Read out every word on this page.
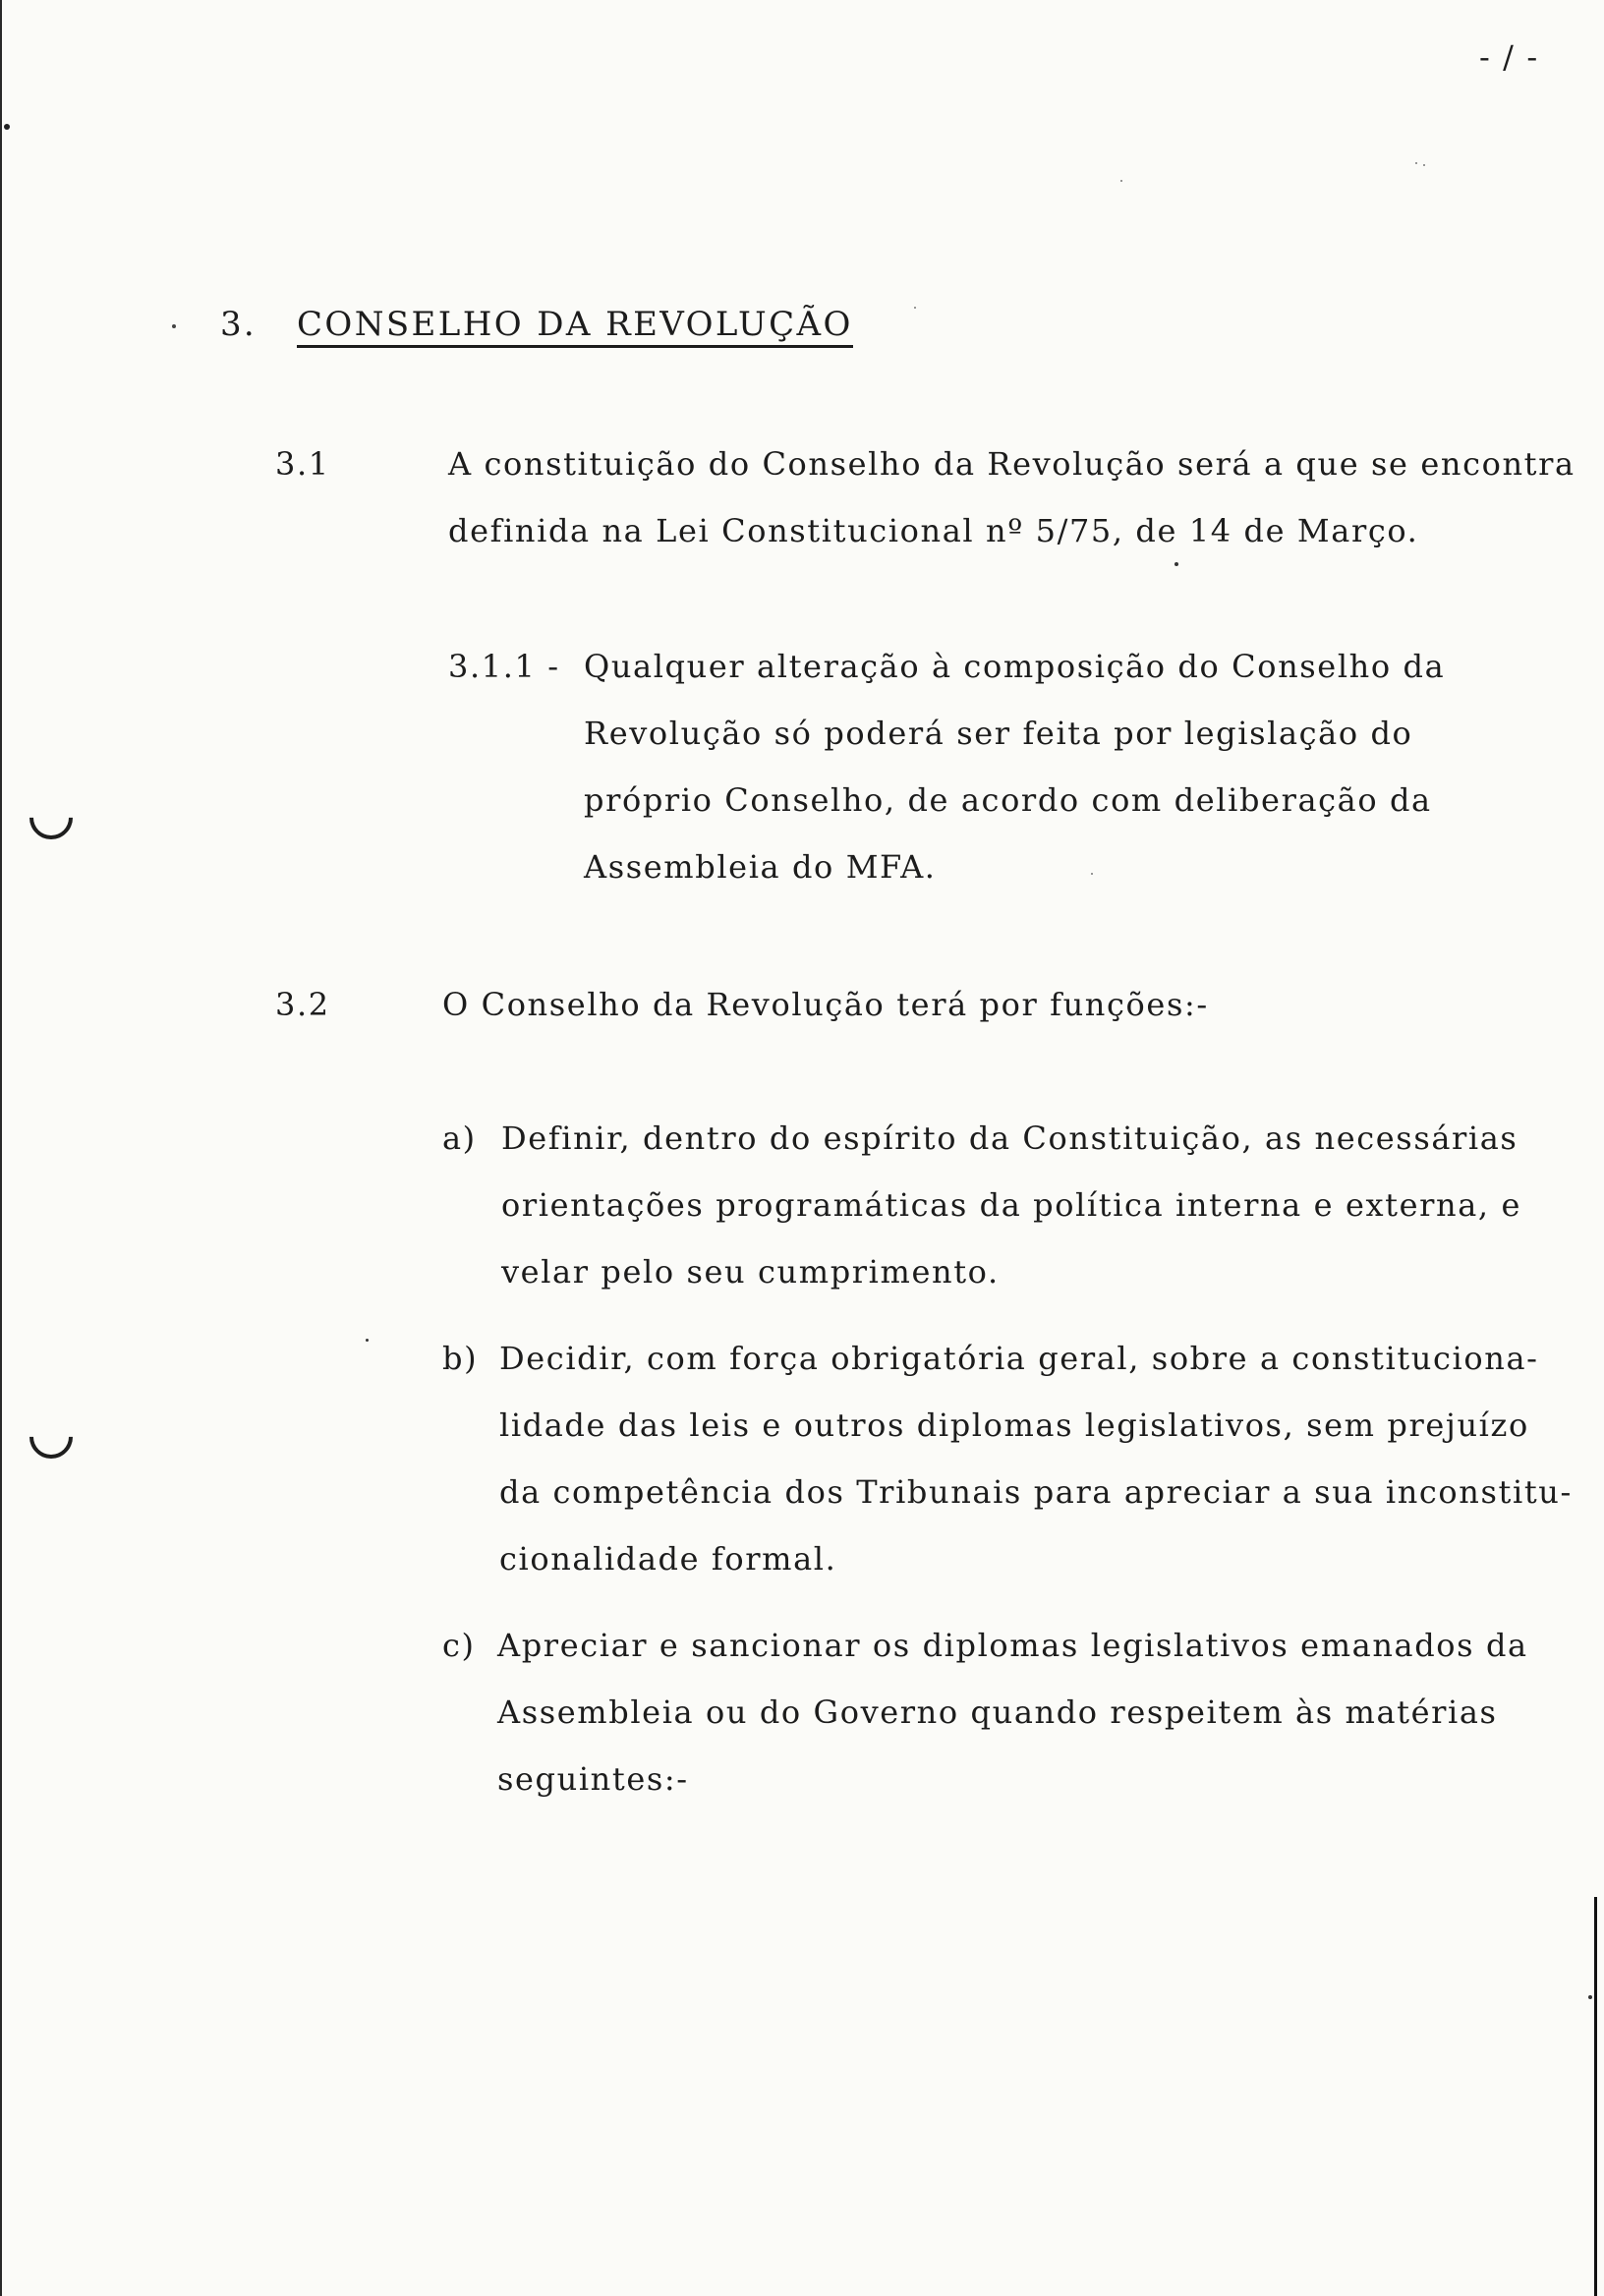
- / -
3. CONSELHO DA REVOLUÇÃO
3.1	A constituição do Conselho da Revolução será a que se encontra
definida na Lei Constitucional nº 5/75, de 14 de Março.
3.1.1 - Qualquer alteração à composição do Conselho da
Revolução só poderá ser feita por legislação do
próprio Conselho, de acordo com deliberação da
Assembleia do MFA.
3.2	O Conselho da Revolução terá por funções:-
a) Definir, dentro do espírito da Constituição, as necessárias
orientações programáticas da política interna e externa, e
velar pelo seu cumprimento.
b) Decidir, com força obrigatória geral, sobre a constituciona-
lidade das leis e outros diplomas legislativos, sem prejuízo
da competência dos Tribunais para apreciar a sua inconstitu-
cionalidade formal.
c) Apreciar e sancionar os diplomas legislativos emanados da
Assembleia ou do Governo quando respeitem às matérias
seguintes:-
